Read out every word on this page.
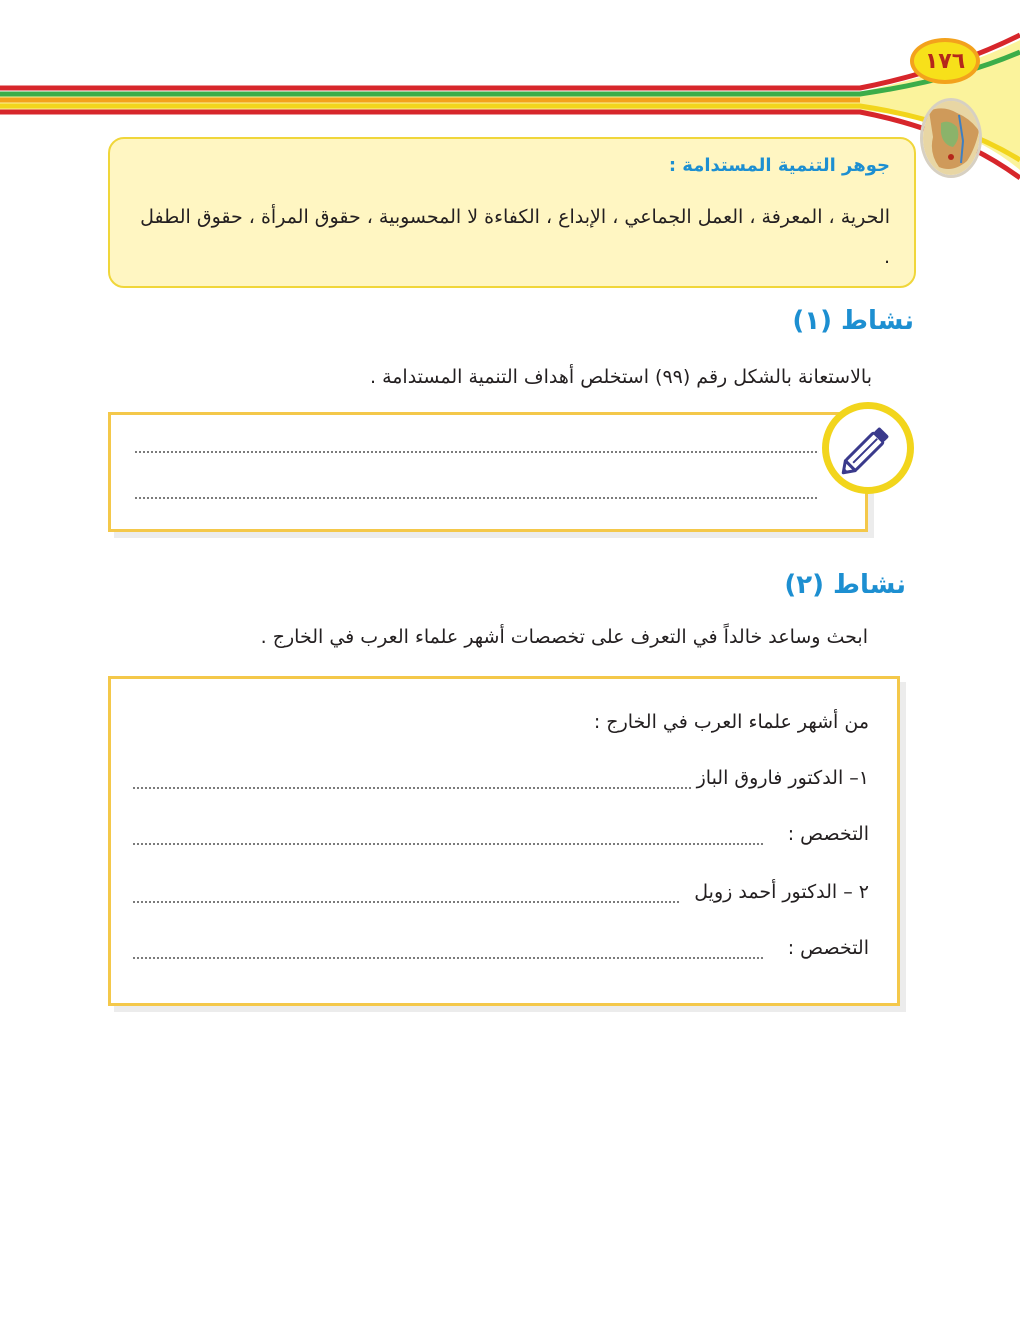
١٧٦
جوهر التنمية المستدامة :
الحرية ، المعرفة ، العمل الجماعي ، الإبداع ، الكفاءة لا المحسوبية ، حقوق المرأة ، حقوق الطفل .
نشاط (١)
بالاستعانة بالشكل رقم (٩٩) استخلص أهداف التنمية المستدامة .
نشاط (٢)
ابحث وساعد خالداً في التعرف على تخصصات أشهر علماء العرب في الخارج .
من أشهر علماء العرب في الخارج :
١– الدكتور فاروق الباز
التخصص :
٢ – الدكتور أحمد زويل
التخصص :
